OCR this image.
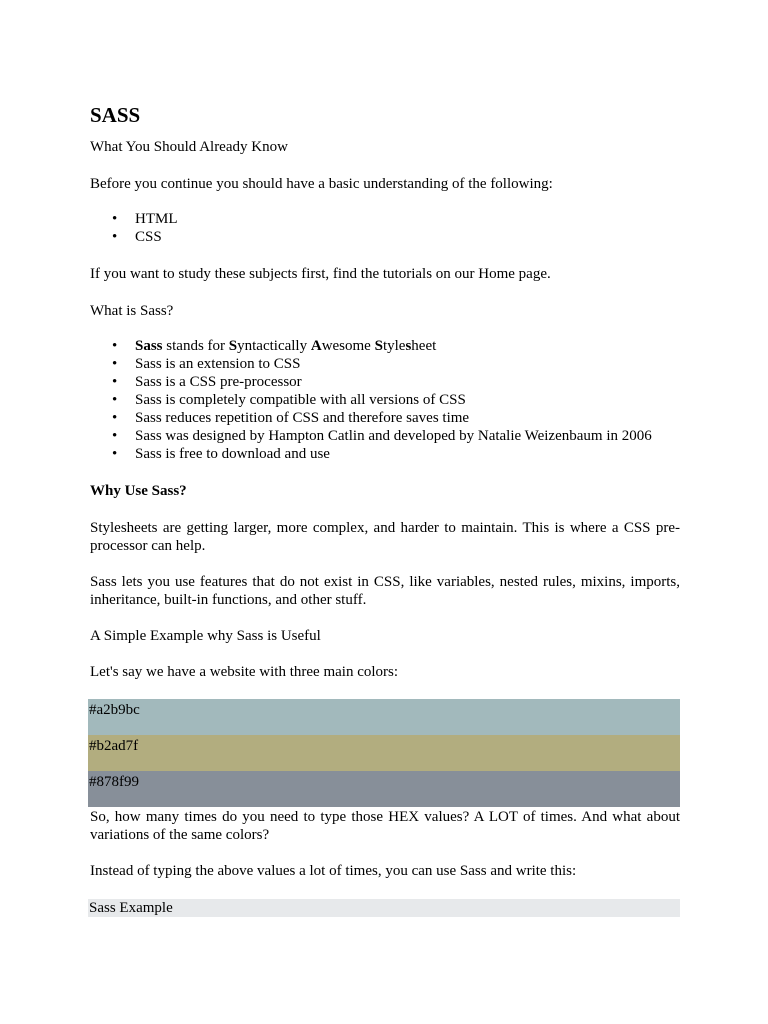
SASS

What You Should Already Know

Before you continue you should have a basic understanding of the following:

• HTML
• CSS

If you want to study these subjects first, find the tutorials on our Home page.

What is Sass?

• Sass stands for Syntactically Awesome Stylesheet
• Sass is an extension to CSS
• Sass is a CSS pre-processor
• Sass is completely compatible with all versions of CSS
• Sass reduces repetition of CSS and therefore saves time
• Sass was designed by Hampton Catlin and developed by Natalie Weizenbaum in 2006
• Sass is free to download and use

Why Use Sass?

Stylesheets are getting larger, more complex, and harder to maintain. This is where a CSS pre-processor can help.

Sass lets you use features that do not exist in CSS, like variables, nested rules, mixins, imports, inheritance, built-in functions, and other stuff.

A Simple Example why Sass is Useful

Let's say we have a website with three main colors:

#a2b9bc
#b2ad7f
#878f99

So, how many times do you need to type those HEX values? A LOT of times. And what about variations of the same colors?

Instead of typing the above values a lot of times, you can use Sass and write this:

Sass Example
